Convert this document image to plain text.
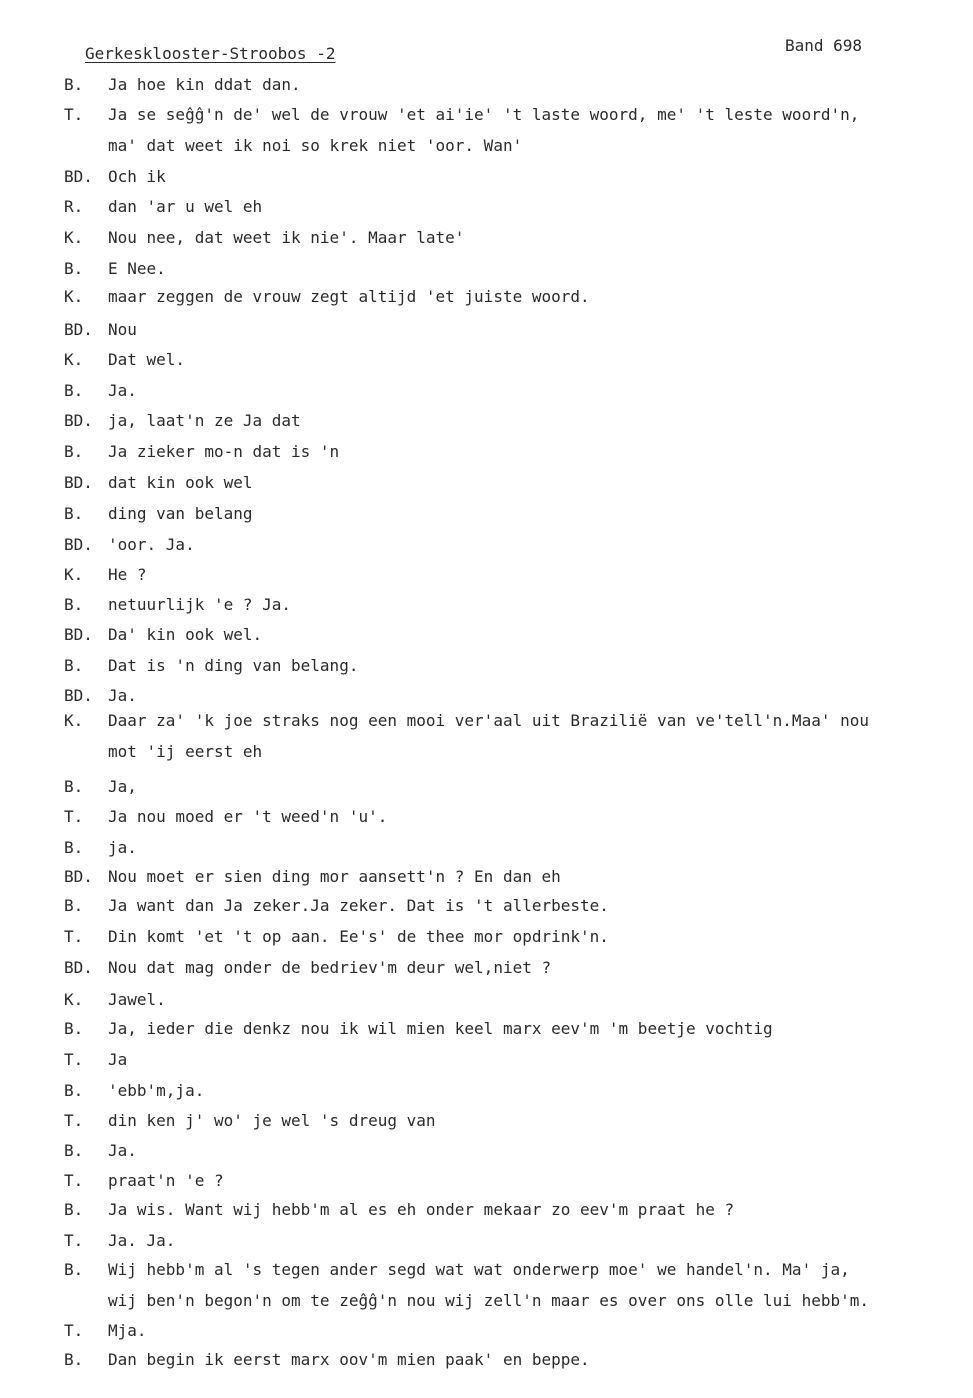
Gerkesklooster-Stroobos -2	Band 698
B. Ja hoe kin ddat dan.
T. Ja se seĝĝ'n de' wel de vrouw 'et ai'ie' 't laste woord, me' 't leste woord'n,
ma' dat weet ik noi so krek niet 'oor. Wan'
BD. Och ik
R. dan 'ar u wel eh
K. Nou nee, dat weet ik nie'. Maar late'
B. E Nee.
K. maar zeggen de vrouw zegt altijd 'et juiste woord.
BD. Nou
K. Dat wel.
B. Ja.
BD. ja, laat'n ze Ja dat
B. Ja zieker mo-n dat is 'n
BD. dat kin ook wel
B. ding van belang
BD. 'oor. Ja.
K. He ?
B. netuurlijk 'e ? Ja.
BD. Da' kin ook wel.
B. Dat is 'n ding van belang.
BD. Ja.
K. Daar za' 'k joe straks nog een mooi ver'aal uit Brazilië van ve'tell'n.Maa' nou
mot 'ij eerst eh
B. Ja,
T. Ja nou moed er 't weed'n 'u'.
B. ja.
BD. Nou moet er sien ding mor aansett'n ? En dan eh
B. Ja want dan Ja zeker.Ja zeker. Dat is 't allerbeste.
T. Din komt 'et 't op aan. Ee's' de thee mor opdrink'n.
BD. Nou dat mag onder de bedriev'm deur wel,niet ?
K. Jawel.
B. Ja, ieder die denkz nou ik wil mien keel marx eev'm 'm beetje vochtig
T. Ja
B. 'ebb'm,ja.
T. din ken j' wo' je wel 's dreug van
B. Ja.
T. praat'n 'e ?
B. Ja wis. Want wij hebb'm al es eh onder mekaar zo eev'm praat he ?
T. Ja. Ja.
B. Wij hebb'm al 's tegen ander segd wat wat onderwerp moe' we handel'n. Ma' ja,
wij ben'n begon'n om te zeĝĝ'n nou wij zell'n maar es over ons olle lui hebb'm.
T. Mja.
B. Dan begin ik eerst marx oov'm mien paak' en beppe.
